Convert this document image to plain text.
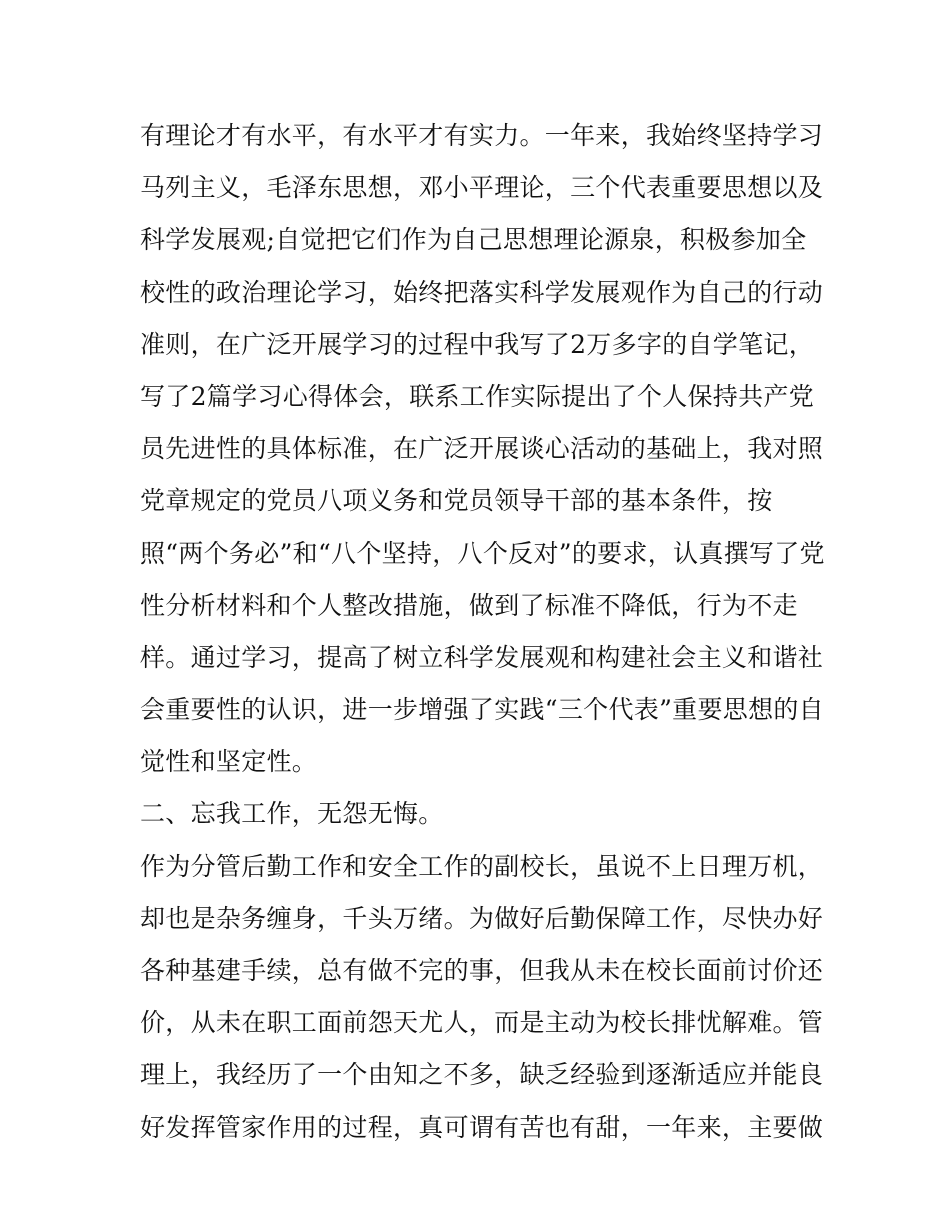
有理论才有水平，有水平才有实力。一年来，我始终坚持学习
马列主义，毛泽东思想，邓小平理论，三个代表重要思想以及
科学发展观;自觉把它们作为自己思想理论源泉，积极参加全
校性的政治理论学习，始终把落实科学发展观作为自己的行动
准则，在广泛开展学习的过程中我写了2万多字的自学笔记，
写了2篇学习心得体会，联系工作实际提出了个人保持共产党
员先进性的具体标准，在广泛开展谈心活动的基础上，我对照
党章规定的党员八项义务和党员领导干部的基本条件，按
照“两个务必”和“八个坚持，八个反对”的要求，认真撰写了党
性分析材料和个人整改措施，做到了标准不降低，行为不走
样。通过学习，提高了树立科学发展观和构建社会主义和谐社
会重要性的认识，进一步增强了实践“三个代表”重要思想的自
觉性和坚定性。
二、忘我工作，无怨无悔。
作为分管后勤工作和安全工作的副校长，虽说不上日理万机，
却也是杂务缠身，千头万绪。为做好后勤保障工作，尽快办好
各种基建手续，总有做不完的事，但我从未在校长面前讨价还
价，从未在职工面前怨天尤人，而是主动为校长排忧解难。管
理上，我经历了一个由知之不多，缺乏经验到逐渐适应并能良
好发挥管家作用的过程，真可谓有苦也有甜，一年来，主要做
